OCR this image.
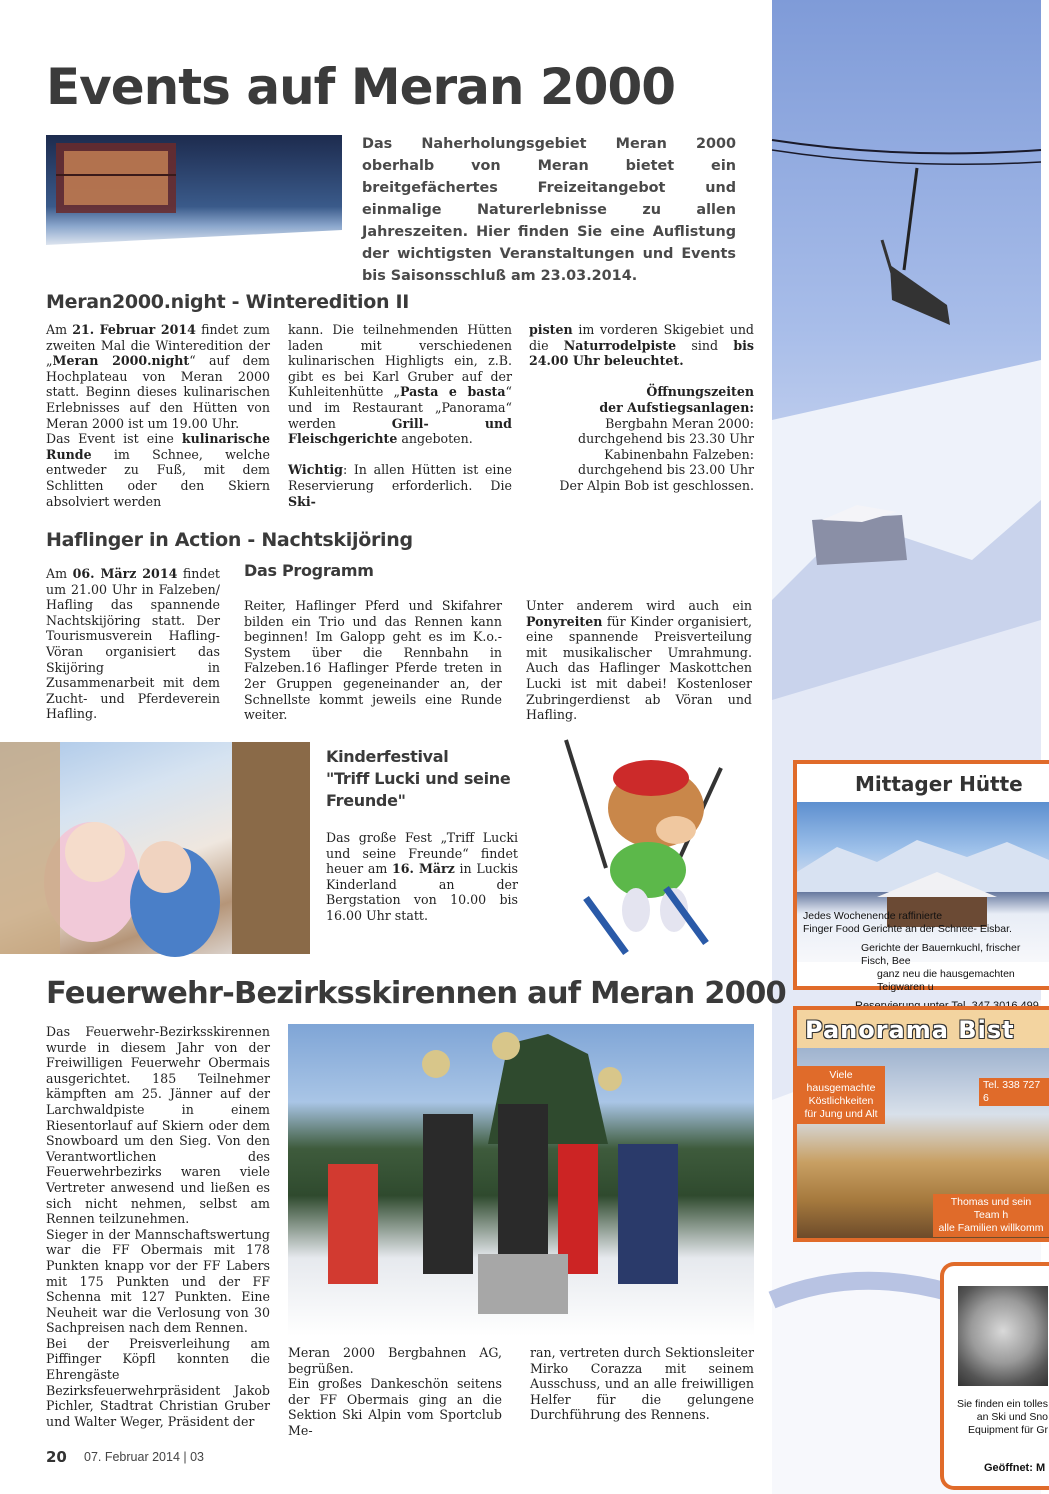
Mittager Hütte
Jedes Wochenende raffinierte
Finger Food Gerichte an der Schnee- Eisbar.
Gerichte der Bauernkuchl, frischer Fisch, Bee
ganz neu die hausgemachten Teigwaren u
Panorama Bist
Viele hausgemachte
Köstlichkeiten
für Jung und Alt
Tel. 338 727 6
Thomas und sein Team h
alle Familien willkomm
Sie finden ein tolles
an Ski und Sno
Equipment für Gr
Geöffnet: M
Events auf Meran 2000

Das Naherholungsgebiet Meran 2000 oberhalb von Meran bietet ein breitgefächertes Freizeitangebot und einmalige Naturerlebnisse zu allen Jahreszeiten. Hier finden Sie eine Auflistung der wichtigsten Veranstaltungen und Events bis Saisonsschluß am 23.03.2014.

Meran2000.night - Winteredition II

Am 21. Februar 2014 findet zum zweiten Mal die Winteredition der „Meran 2000.night“ auf dem Hochplateau von Meran 2000 statt. Beginn dieses kulinarischen Erlebnisses auf den Hütten von Meran 2000 ist um 19.00 Uhr.

Das Event ist eine kulinarische Runde im Schnee, welche entweder zu Fuß, mit dem Schlitten oder den Skiern absolviert werden

kann. Die teilnehmenden Hütten laden mit verschiedenen kulinarischen Highligts ein, z.B. gibt es bei Karl Gruber auf der Kuhleitenhütte „Pasta e basta“ und im Restaurant „Panorama“ werden Grill- und Fleischgerichte angeboten.

Wichtig: In allen Hütten ist eine Reservierung erforderlich. Die Ski-

pisten im vorderen Skigebiet und die Naturrodelpiste sind bis 24.00 Uhr beleuchtet.

Öffnungszeiten
der Aufstiegsanlagen:
Bergbahn Meran 2000:
durchgehend bis 23.30 Uhr
Kabinenbahn Falzeben:
durchgehend bis 23.00 Uhr
Der Alpin Bob ist geschlossen.
Haflinger in Action - Nachtskijöring

Am 06. März 2014 findet um 21.00 Uhr in Falzeben/ Hafling das spannende Nachtskijöring statt. Der Tourismusverein Hafling-Vöran organisiert das Skijöring in Zusammenarbeit mit dem Zucht- und Pferdeverein Hafling.

Das Programm

Reiter, Haflinger Pferd und Skifahrer bilden ein Trio und das Rennen kann beginnen! Im Galopp geht es im K.o.-System über die Rennbahn in Falzeben.16 Haflinger Pferde treten in 2er Gruppen gegeneinander an, der Schnellste kommt jeweils eine Runde weiter.

Unter anderem wird auch ein Ponyreiten für Kinder organisiert, eine spannende Preisverteilung mit musikalischer Umrahmung. Auch das Haflinger Maskottchen Lucki ist mit dabei! Kostenloser Zubringerdienst ab Vöran und Hafling.

Kinderfestival
"Triff Lucki und seine
Freunde"

Das große Fest „Triff Lucki und seine Freunde“ findet heuer am 16. März in Luckis Kinderland an der Bergstation von 10.00 bis 16.00 Uhr statt.

Feuerwehr-Bezirksskirennen auf Meran 2000

Das Feuerwehr-Bezirksskirennen wurde in diesem Jahr von der Freiwilligen Feuerwehr Obermais ausgerichtet. 185 Teilnehmer kämpften am 25. Jänner auf der Larchwaldpiste in einem Riesentorlauf auf Skiern oder dem Snowboard um den Sieg. Von den Verantwortlichen des Feuerwehrbezirks waren viele Vertreter anwesend und ließen es sich nicht nehmen, selbst am Rennen teilzunehmen.

Sieger in der Mannschaftswertung war die FF Obermais mit 178 Punkten knapp vor der FF Labers mit 175 Punkten und der FF Schenna mit 127 Punkten. Eine Neuheit war die Verlosung von 30 Sachpreisen nach dem Rennen.

Bei der Preisverleihung am Piffinger Köpfl konnten die Ehrengäste Bezirksfeuerwehrpräsident Jakob Pichler, Stadtrat Christian Gruber und Walter Weger, Präsident der

Meran 2000 Bergbahnen AG, begrüßen.
Ein großes Dankeschön seitens der FF Obermais ging an die Sektion Ski Alpin vom Sportclub Me-

ran, vertreten durch Sektionsleiter Mirko Corazza mit seinem Ausschuss, und an alle freiwilligen Helfer für die gelungene Durchführung des Rennens.

20 07. Februar 2014 | 03
